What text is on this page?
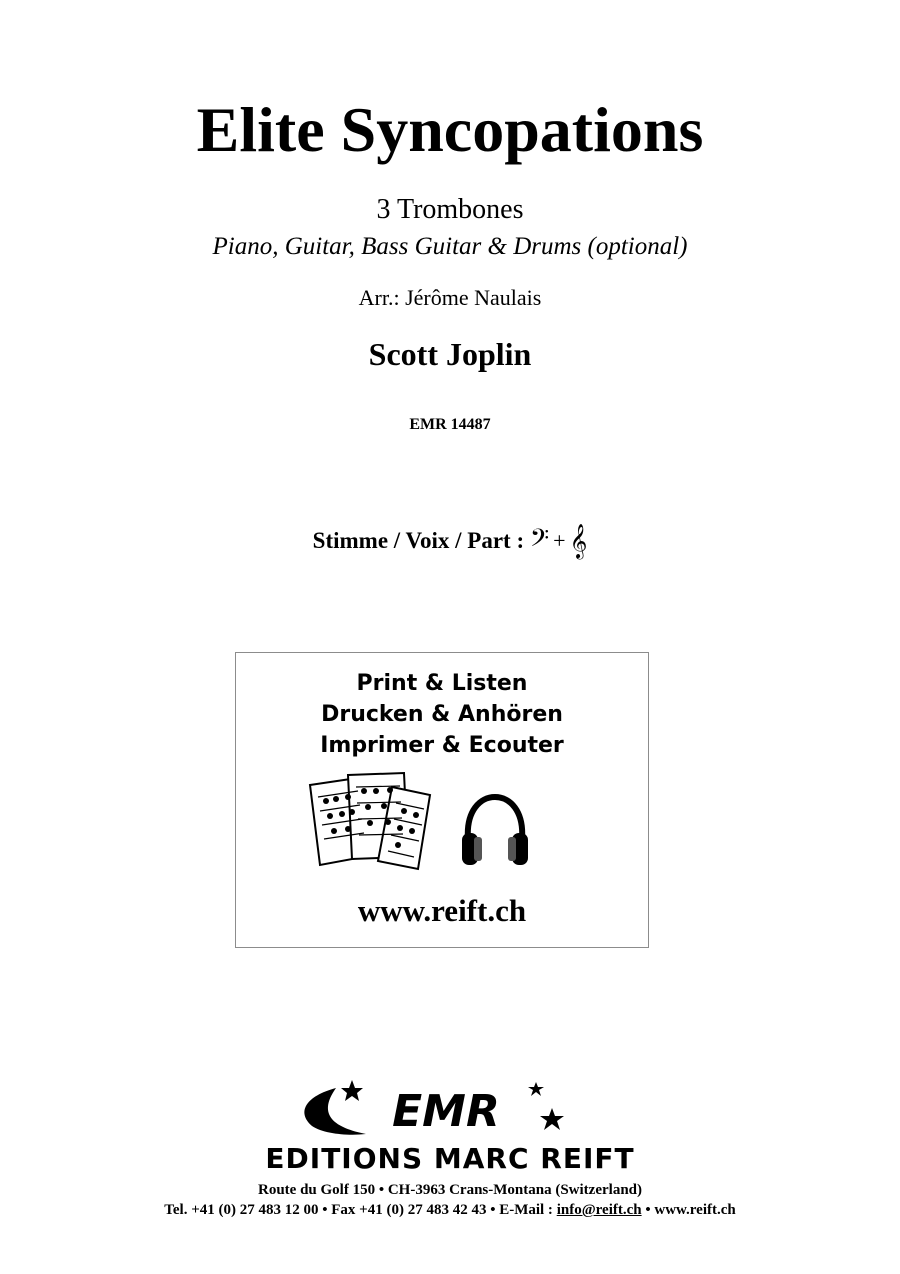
Elite Syncopations
3 Trombones
Piano, Guitar, Bass Guitar & Drums (optional)
Arr.: Jérôme Naulais
Scott Joplin
EMR 14487
Stimme / Voix / Part : 𝄢 + 𝄞
Print & Listen
Drucken & Anhören
Imprimer & Ecouter
www.reift.ch
EMR
EDITIONS MARC REIFT
Route du Golf 150 • CH-3963 Crans-Montana (Switzerland)
Tel. +41 (0) 27 483 12 00 • Fax +41 (0) 27 483 42 43 • E-Mail : info@reift.ch • www.reift.ch
